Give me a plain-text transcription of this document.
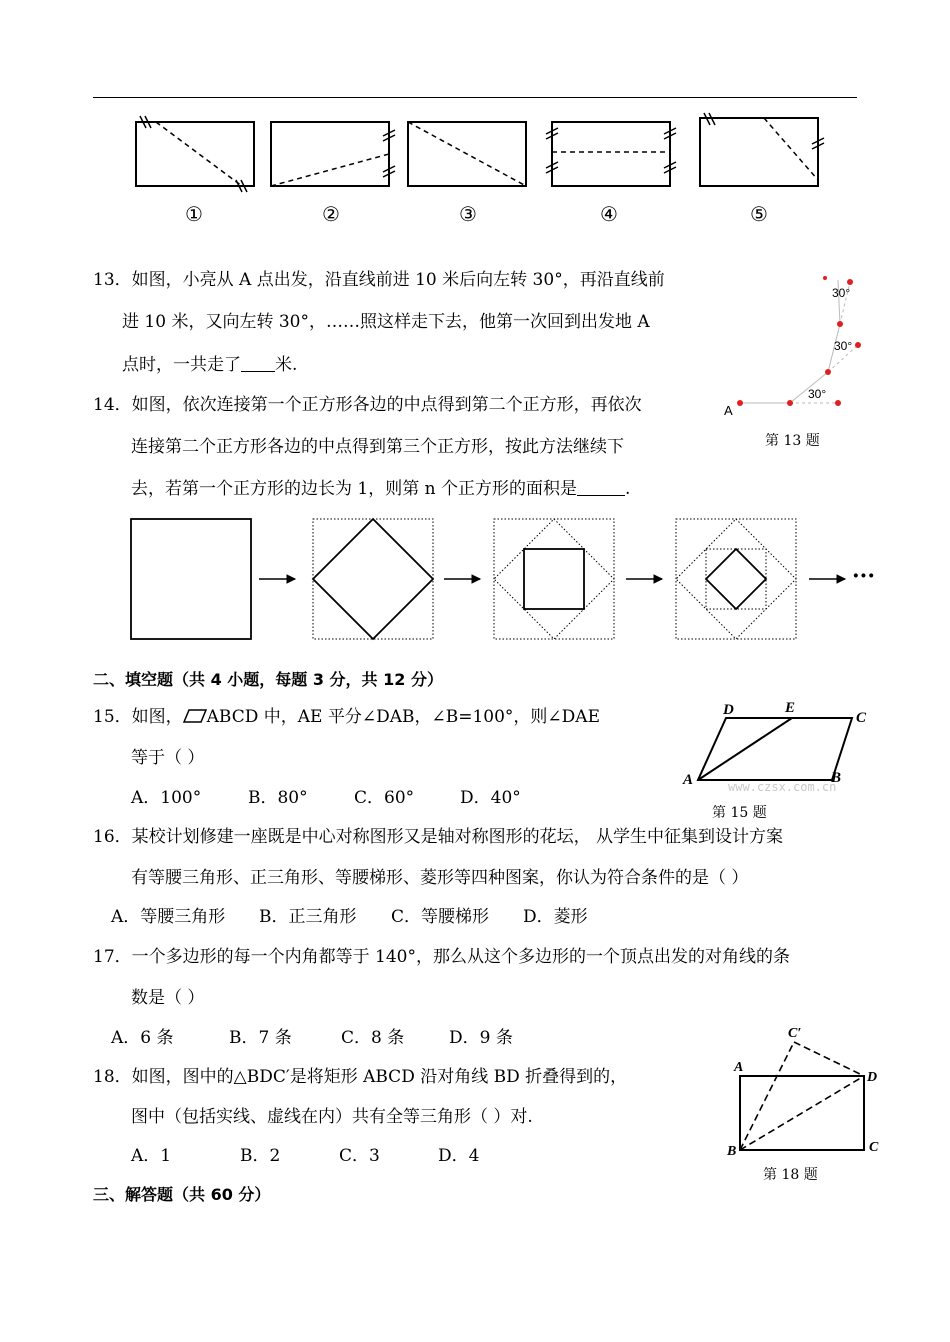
①	②	③	④	⑤
13．如图，小亮从 A 点出发，沿直线前进 10 米后向左转 30°，再沿直线前
进 10 米，又向左转 30°，……照这样走下去，他第一次回到出发地 A
点时，一共走了 米.
A
30°
30°
30°
第 13 题
14．如图，依次连接第一个正方形各边的中点得到第二个正方形，再依次
连接第二个正方形各边的中点得到第三个正方形，按此方法继续下
去，若第一个正方形的边长为 1，则第 n 个正方形的面积是	.
···
二、填空题（共 4 小题，每题 3 分，共 12 分）
15．如图， ABCD 中，AE 平分∠DAB，∠B=100°，则∠DAE
等于（ ）
A．100°	B．80°	C．60°	D．40°
D	E
C
A	B
www.czsx.com.cn
第 15 题
16．某校计划修建一座既是中心对称图形又是轴对称图形的花坛， 从学生中征集到设计方案
有等腰三角形、正三角形、等腰梯形、菱形等四种图案，你认为符合条件的是（ ）
A．等腰三角形 B．正三角形 C．等腰梯形 D．菱形
17．一个多边形的每一个内角都等于 140°，那么从这个多边形的一个顶点出发的对角线的条
数是（ ）
A．6 条	B．7 条	C．8 条	D．9 条
18．如图，图中的△BDC′是将矩形 ABCD 沿对角线 BD 折叠得到的，
图中（包括实线、虚线在内）共有全等三角形（ ）对.
A．1	B．2	C．3	D．4
C′
A
D
B	C
第 18 题
三、解答题（共 60 分）
